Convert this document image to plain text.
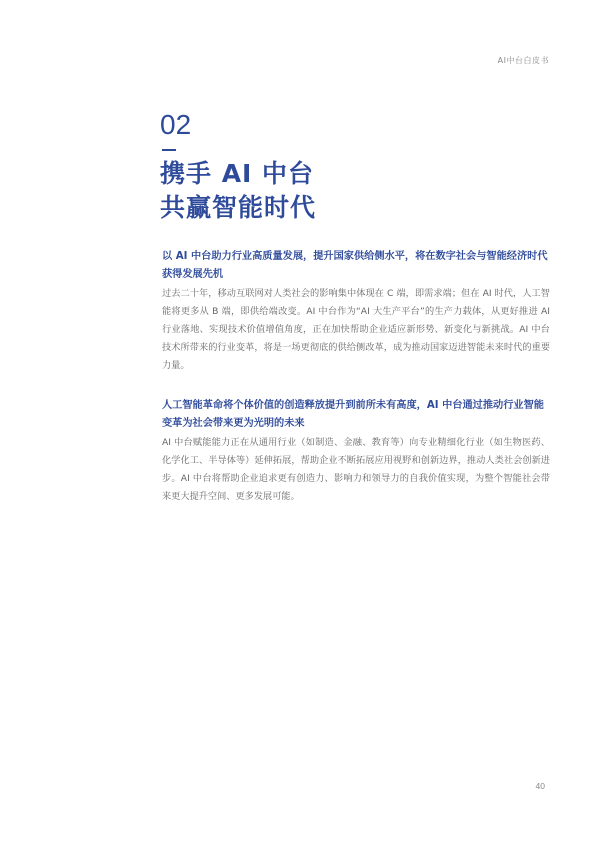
AI中台白皮书
02
携手 AI 中台
共赢智能时代

以 AI 中台助力行业高质量发展，提升国家供给侧水平，将在数字社会与智能经济时代获得发展先机

过去二十年，移动互联网对人类社会的影响集中体现在 C 端，即需求端；但在 AI 时代，人工智能将更多从 B 端，即供给端改变。AI 中台作为“AI 大生产平台”的生产力载体，从更好推进 AI 行业落地、实现技术价值增值角度，正在加快帮助企业适应新形势、新变化与新挑战。AI 中台技术所带来的行业变革，将是一场更彻底的供给侧改革，成为推动国家迈进智能未来时代的重要力量。

人工智能革命将个体价值的创造释放提升到前所未有高度，AI 中台通过推动行业智能变革为社会带来更为光明的未来

AI 中台赋能能力正在从通用行业（如制造、金融、教育等）向专业精细化行业（如生物医药、化学化工、半导体等）延伸拓展，帮助企业不断拓展应用视野和创新边界，推动人类社会创新进步。AI 中台将帮助企业追求更有创造力、影响力和领导力的自我价值实现，为整个智能社会带来更大提升空间、更多发展可能。

40
